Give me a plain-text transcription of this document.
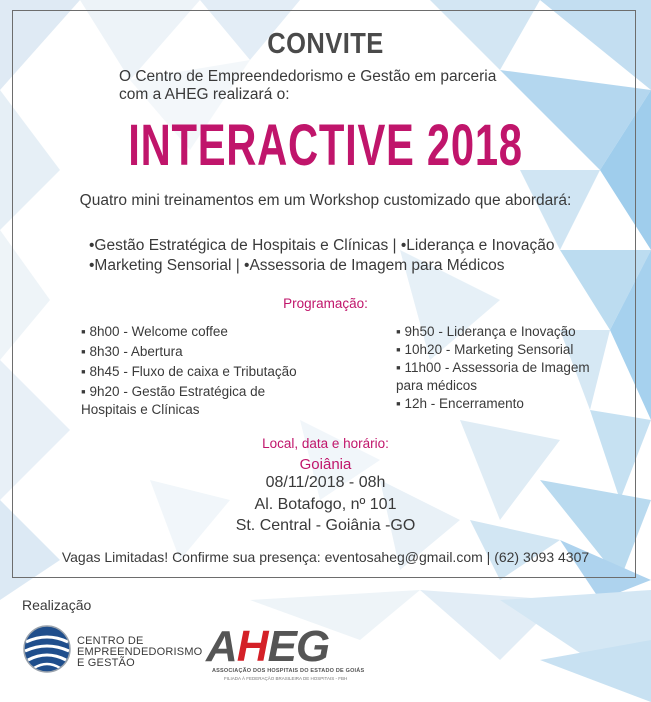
CONVITE
O Centro de Empreendedorismo e Gestão em parceria
com a AHEG realizará o:
INTERACTIVE 2018
Quatro mini treinamentos em um Workshop customizado que abordará:
•Gestão Estratégica de Hospitais e Clínicas | •Liderança e Inovação
•Marketing Sensorial | •Assessoria de Imagem para Médicos
Programação:
▪ 8h00 - Welcome coffee
▪ 8h30 - Abertura
▪ 8h45 - Fluxo de caixa e Tributação
▪ 9h20 - Gestão Estratégica de
Hospitais e Clínicas
▪ 9h50 - Liderança e Inovação
▪ 10h20 - Marketing Sensorial
▪ 11h00 - Assessoria de Imagem
para médicos
▪ 12h - Encerramento
Local, data e horário:
Goiânia
08/11/2018 - 08h
Al. Botafogo, nº 101
St. Central - Goiânia -GO
Vagas Limitadas! Confirme sua presença: eventosaheg@gmail.com | (62) 3093 4307
Realização
CENTRO DE
EMPREENDEDORISMO
E GESTÃO	AHEG
ASSOCIAÇÃO DOS HOSPITAIS DO ESTADO DE GOIÁS
FILIADA À FEDERAÇÃO BRASILEIRA DE HOSPITAIS - FBH
